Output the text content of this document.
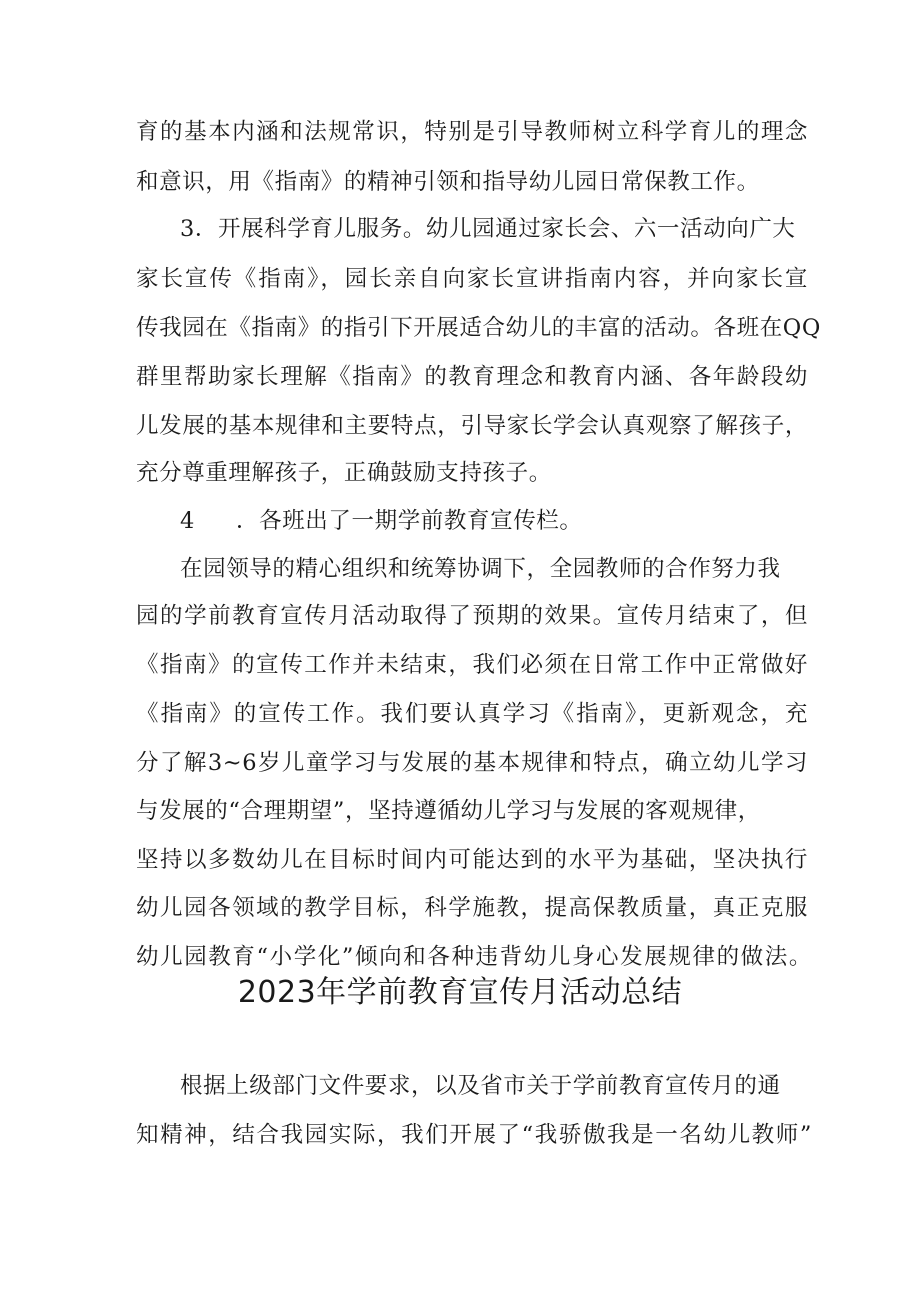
育的基本内涵和法规常识，特别是引导教师树立科学育儿的理念
和意识，用《指南》的精神引领和指导幼儿园日常保教工作。
3．开展科学育儿服务。幼儿园通过家长会、六一活动向广大
家长宣传《指南》，园长亲自向家长宣讲指南内容，并向家长宣
传我园在《指南》的指引下开展适合幼儿的丰富的活动。各班在QQ
群里帮助家长理解《指南》的教育理念和教育内涵、各年龄段幼
儿发展的基本规律和主要特点，引导家长学会认真观察了解孩子，
充分尊重理解孩子，正确鼓励支持孩子。
4 ．各班出了一期学前教育宣传栏。
在园领导的精心组织和统筹协调下，全园教师的合作努力我
园的学前教育宣传月活动取得了预期的效果。宣传月结束了，但
《指南》的宣传工作并未结束，我们必须在日常工作中正常做好
《指南》的宣传工作。我们要认真学习《指南》，更新观念，充
分了解3~6岁儿童学习与发展的基本规律和特点，确立幼儿学习
与发展的“合理期望”，坚持遵循幼儿学习与发展的客观规律，
坚持以多数幼儿在目标时间内可能达到的水平为基础，坚决执行
幼儿园各领域的教学目标，科学施教，提高保教质量，真正克服
幼儿园教育“小学化”倾向和各种违背幼儿身心发展规律的做法。
2023年学前教育宣传月活动总结
根据上级部门文件要求，以及省市关于学前教育宣传月的通
知精神，结合我园实际，我们开展了“我骄傲我是一名幼儿教师”
